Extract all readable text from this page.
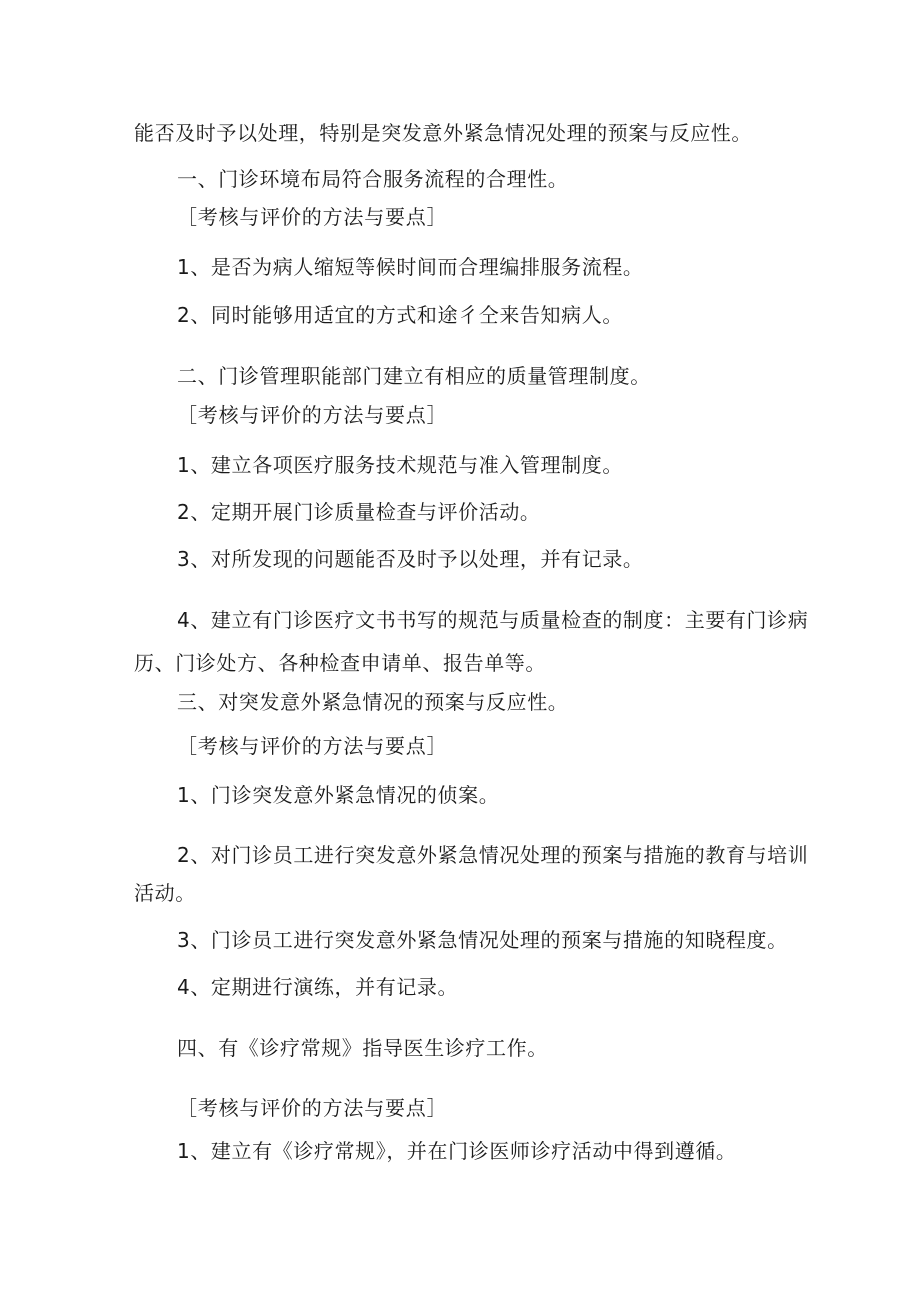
能否及时予以处理，特别是突发意外紧急情况处理的预案与反应性。
一、门诊环境布局符合服务流程的合理性。
［考核与评价的方法与要点］
1、是否为病人缩短等候时间而合理编排服务流程。
2、同时能够用适宜的方式和途彳仝来告知病人。
二、门诊管理职能部门建立有相应的质量管理制度。
［考核与评价的方法与要点］
1、建立各项医疗服务技术规范与准入管理制度。
2、定期开展门诊质量检查与评价活动。
3、对所发现的问题能否及时予以处理，并有记录。
4、建立有门诊医疗文书书写的规范与质量检查的制度：主要有门诊病
历、门诊处方、各种检查申请单、报告单等。
三、对突发意外紧急情况的预案与反应性。
［考核与评价的方法与要点］
1、门诊突发意外紧急情况的侦案。
2、对门诊员工进行突发意外紧急情况处理的预案与措施的教育与培训
活动。
3、门诊员工进行突发意外紧急情况处理的预案与措施的知晓程度。
4、定期进行演练，并有记录。
四、有《诊疗常规》指导医生诊疗工作。
［考核与评价的方法与要点］
1、建立有《诊疗常规》，并在门诊医师诊疗活动中得到遵循。
